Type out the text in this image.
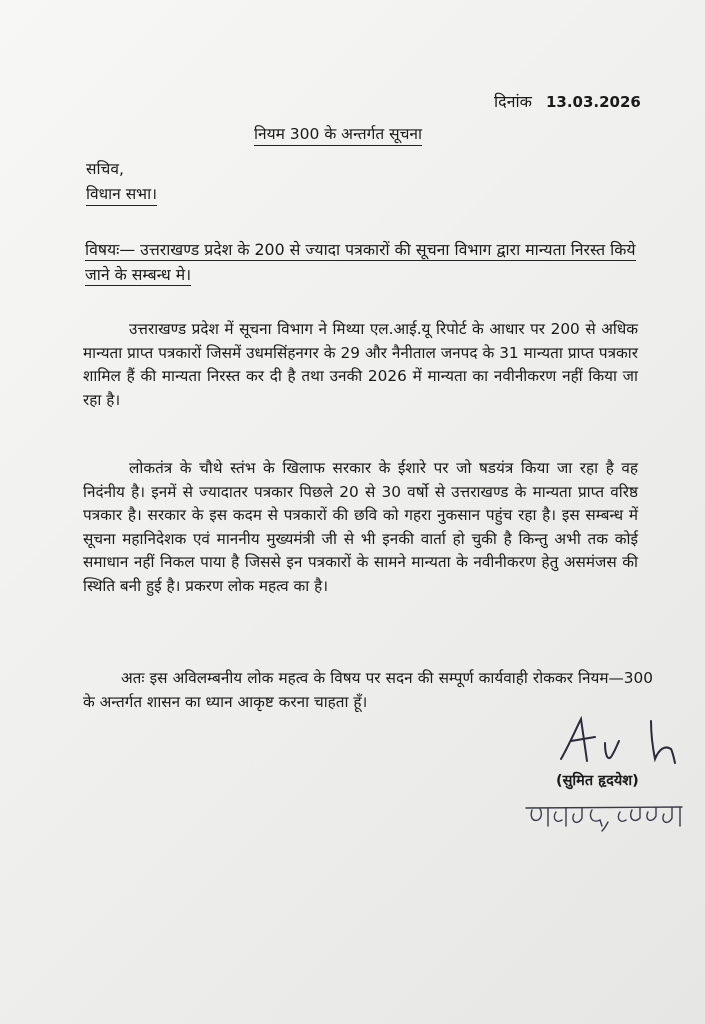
दिनांक 13.03.2026
नियम 300 के अन्तर्गत सूचना
सचिव,
विधान सभा।
विषयः— उत्तराखण्ड प्रदेश के 200 से ज्यादा पत्रकारों की सूचना विभाग द्वारा मान्यता निरस्त किये जाने के सम्बन्ध मे।
उत्तराखण्ड प्रदेश में सूचना विभाग ने मिथ्या एल.आई.यू रिपोर्ट के आधार पर 200 से अधिक मान्यता प्राप्त पत्रकारों जिसमें उधमसिंहनगर के 29 और नैनीताल जनपद के 31 मान्यता प्राप्त पत्रकार शामिल हैं की मान्यता निरस्त कर दी है तथा उनकी 2026 में मान्यता का नवीनीकरण नहीं किया जा रहा है।
लोकतंत्र के चौथे स्तंभ के खिलाफ सरकार के ईशारे पर जो षडयंत्र किया जा रहा है वह निदंनीय है। इनमें से ज्यादातर पत्रकार पिछले 20 से 30 वर्षो से उत्तराखण्ड के मान्यता प्राप्त वरिष्ठ पत्रकार है। सरकार के इस कदम से पत्रकारों की छवि को गहरा नुकसान पहुंच रहा है। इस सम्बन्ध में सूचना महानिदेशक एवं माननीय मुख्यमंत्री जी से भी इनकी वार्ता हो चुकी है किन्तु अभी तक कोई समाधान नहीं निकल पाया है जिससे इन पत्रकारों के सामने मान्यता के नवीनीकरण हेतु असमंजस की स्थिति बनी हुई है। प्रकरण लोक महत्व का है।
अतः इस अविलम्बनीय लोक महत्व के विषय पर सदन की सम्पूर्ण कार्यवाही रोककर नियम—300 के अन्तर्गत शासन का ध्यान आकृष्ट करना चाहता हूँ।
(सुमित हृदयेश)
